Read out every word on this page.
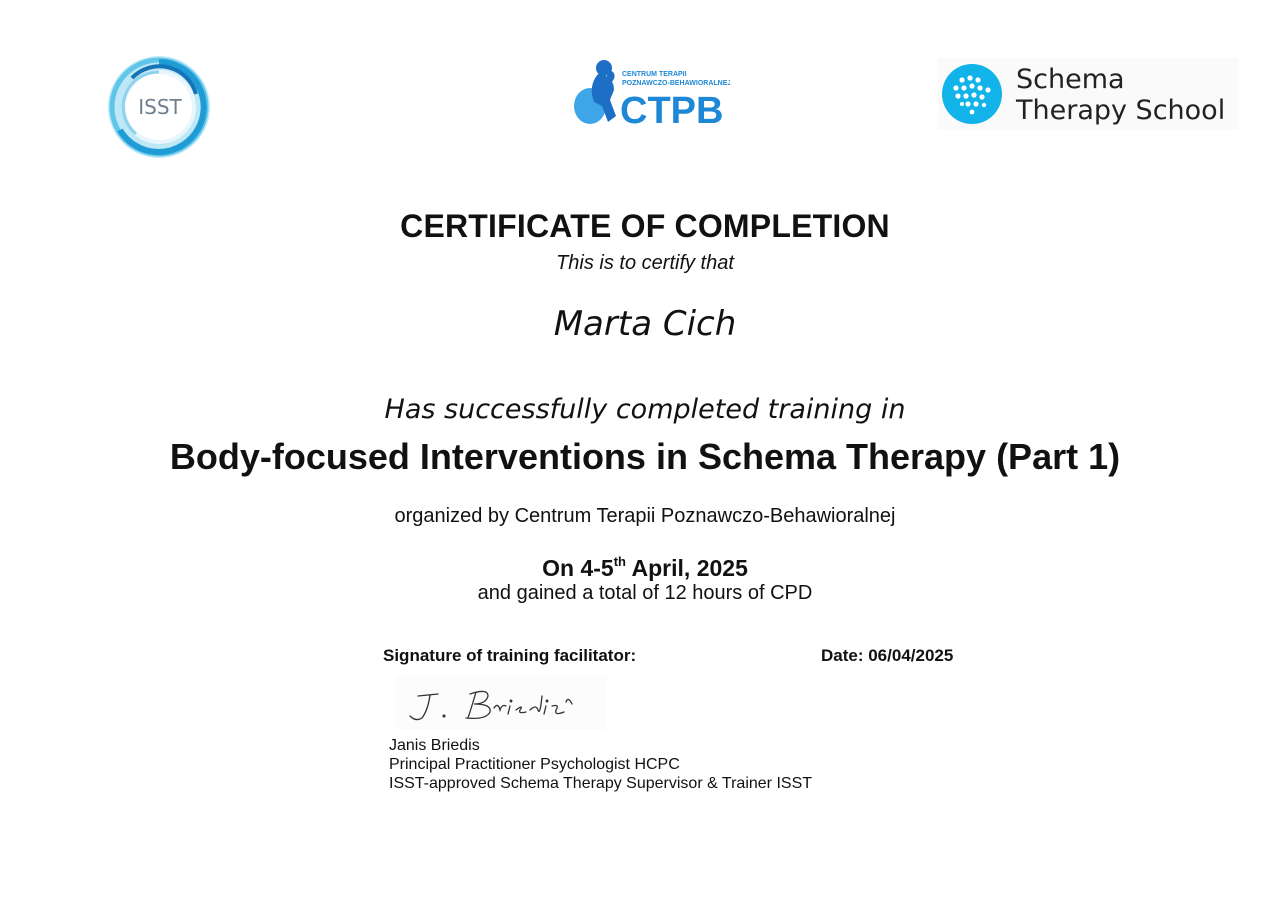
ISST
CENTRUM TERAPII
POZNAWCZO-BEHAWIORALNEJ
CTPB
Schema
Therapy School
CERTIFICATE OF COMPLETION
This is to certify that
Marta Cich
Has successfully completed training in
Body-focused Interventions in Schema Therapy (Part 1)
organized by Centrum Terapii Poznawczo-Behawioralnej
On 4-5th April, 2025
and gained a total of 12 hours of CPD
Signature of training facilitator:	Date: 06/04/2025
Janis Briedis
Principal Practitioner Psychologist HCPC
ISST-approved Schema Therapy Supervisor & Trainer ISST
